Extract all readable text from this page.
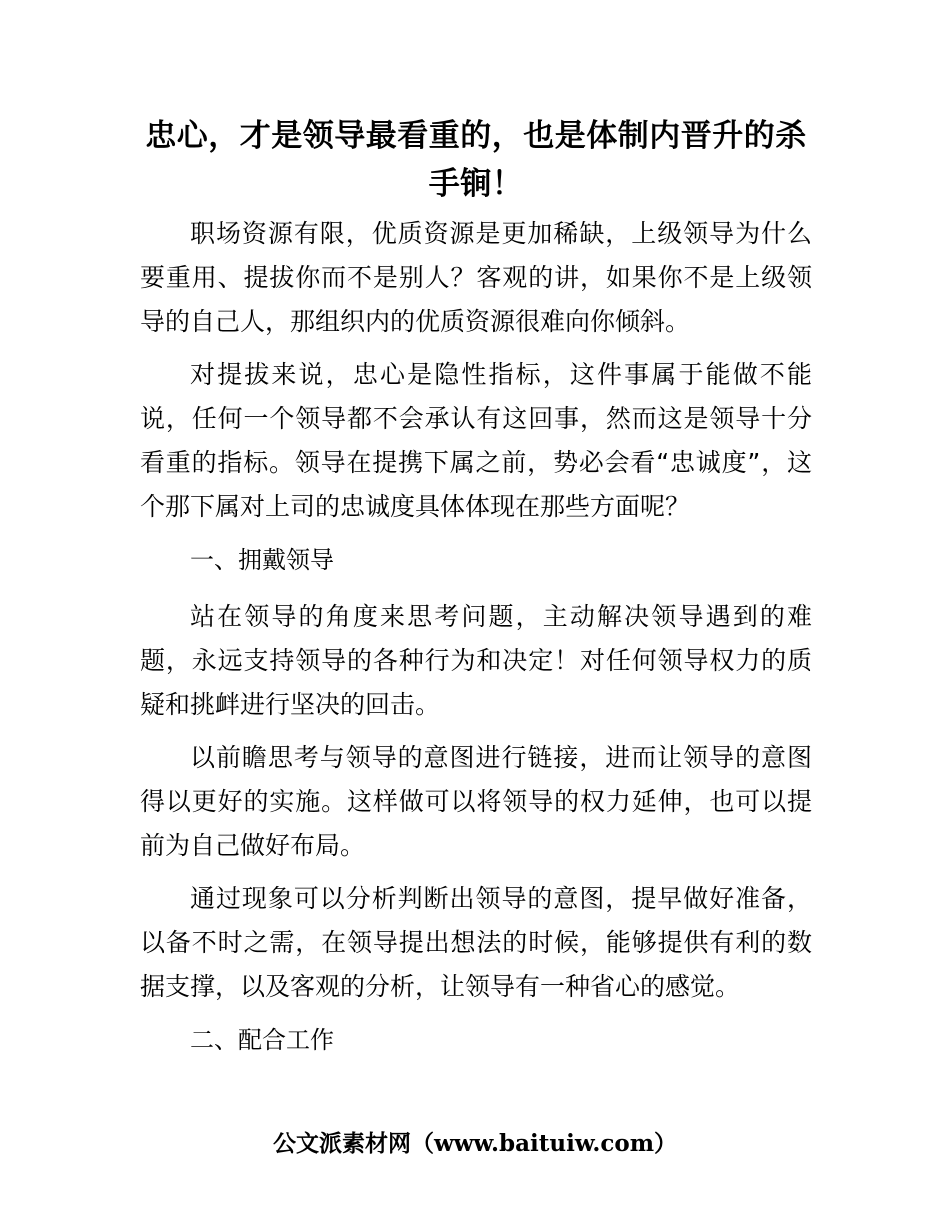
忠心，才是领导最看重的，也是体制内晋升的杀手锏！

职场资源有限，优质资源是更加稀缺，上级领导为什么要重用、提拔你而不是别人？客观的讲，如果你不是上级领导的自己人，那组织内的优质资源很难向你倾斜。

对提拔来说，忠心是隐性指标，这件事属于能做不能说，任何一个领导都不会承认有这回事，然而这是领导十分看重的指标。领导在提携下属之前，势必会看“忠诚度”，这个那下属对上司的忠诚度具体体现在那些方面呢？

一、拥戴领导

站在领导的角度来思考问题，主动解决领导遇到的难题，永远支持领导的各种行为和决定！对任何领导权力的质疑和挑衅进行坚决的回击。

以前瞻思考与领导的意图进行链接，进而让领导的意图得以更好的实施。这样做可以将领导的权力延伸，也可以提前为自己做好布局。

通过现象可以分析判断出领导的意图，提早做好准备，以备不时之需，在领导提出想法的时候，能够提供有利的数据支撑，以及客观的分析，让领导有一种省心的感觉。

二、配合工作

公文派素材网（www.baituiw.com）
